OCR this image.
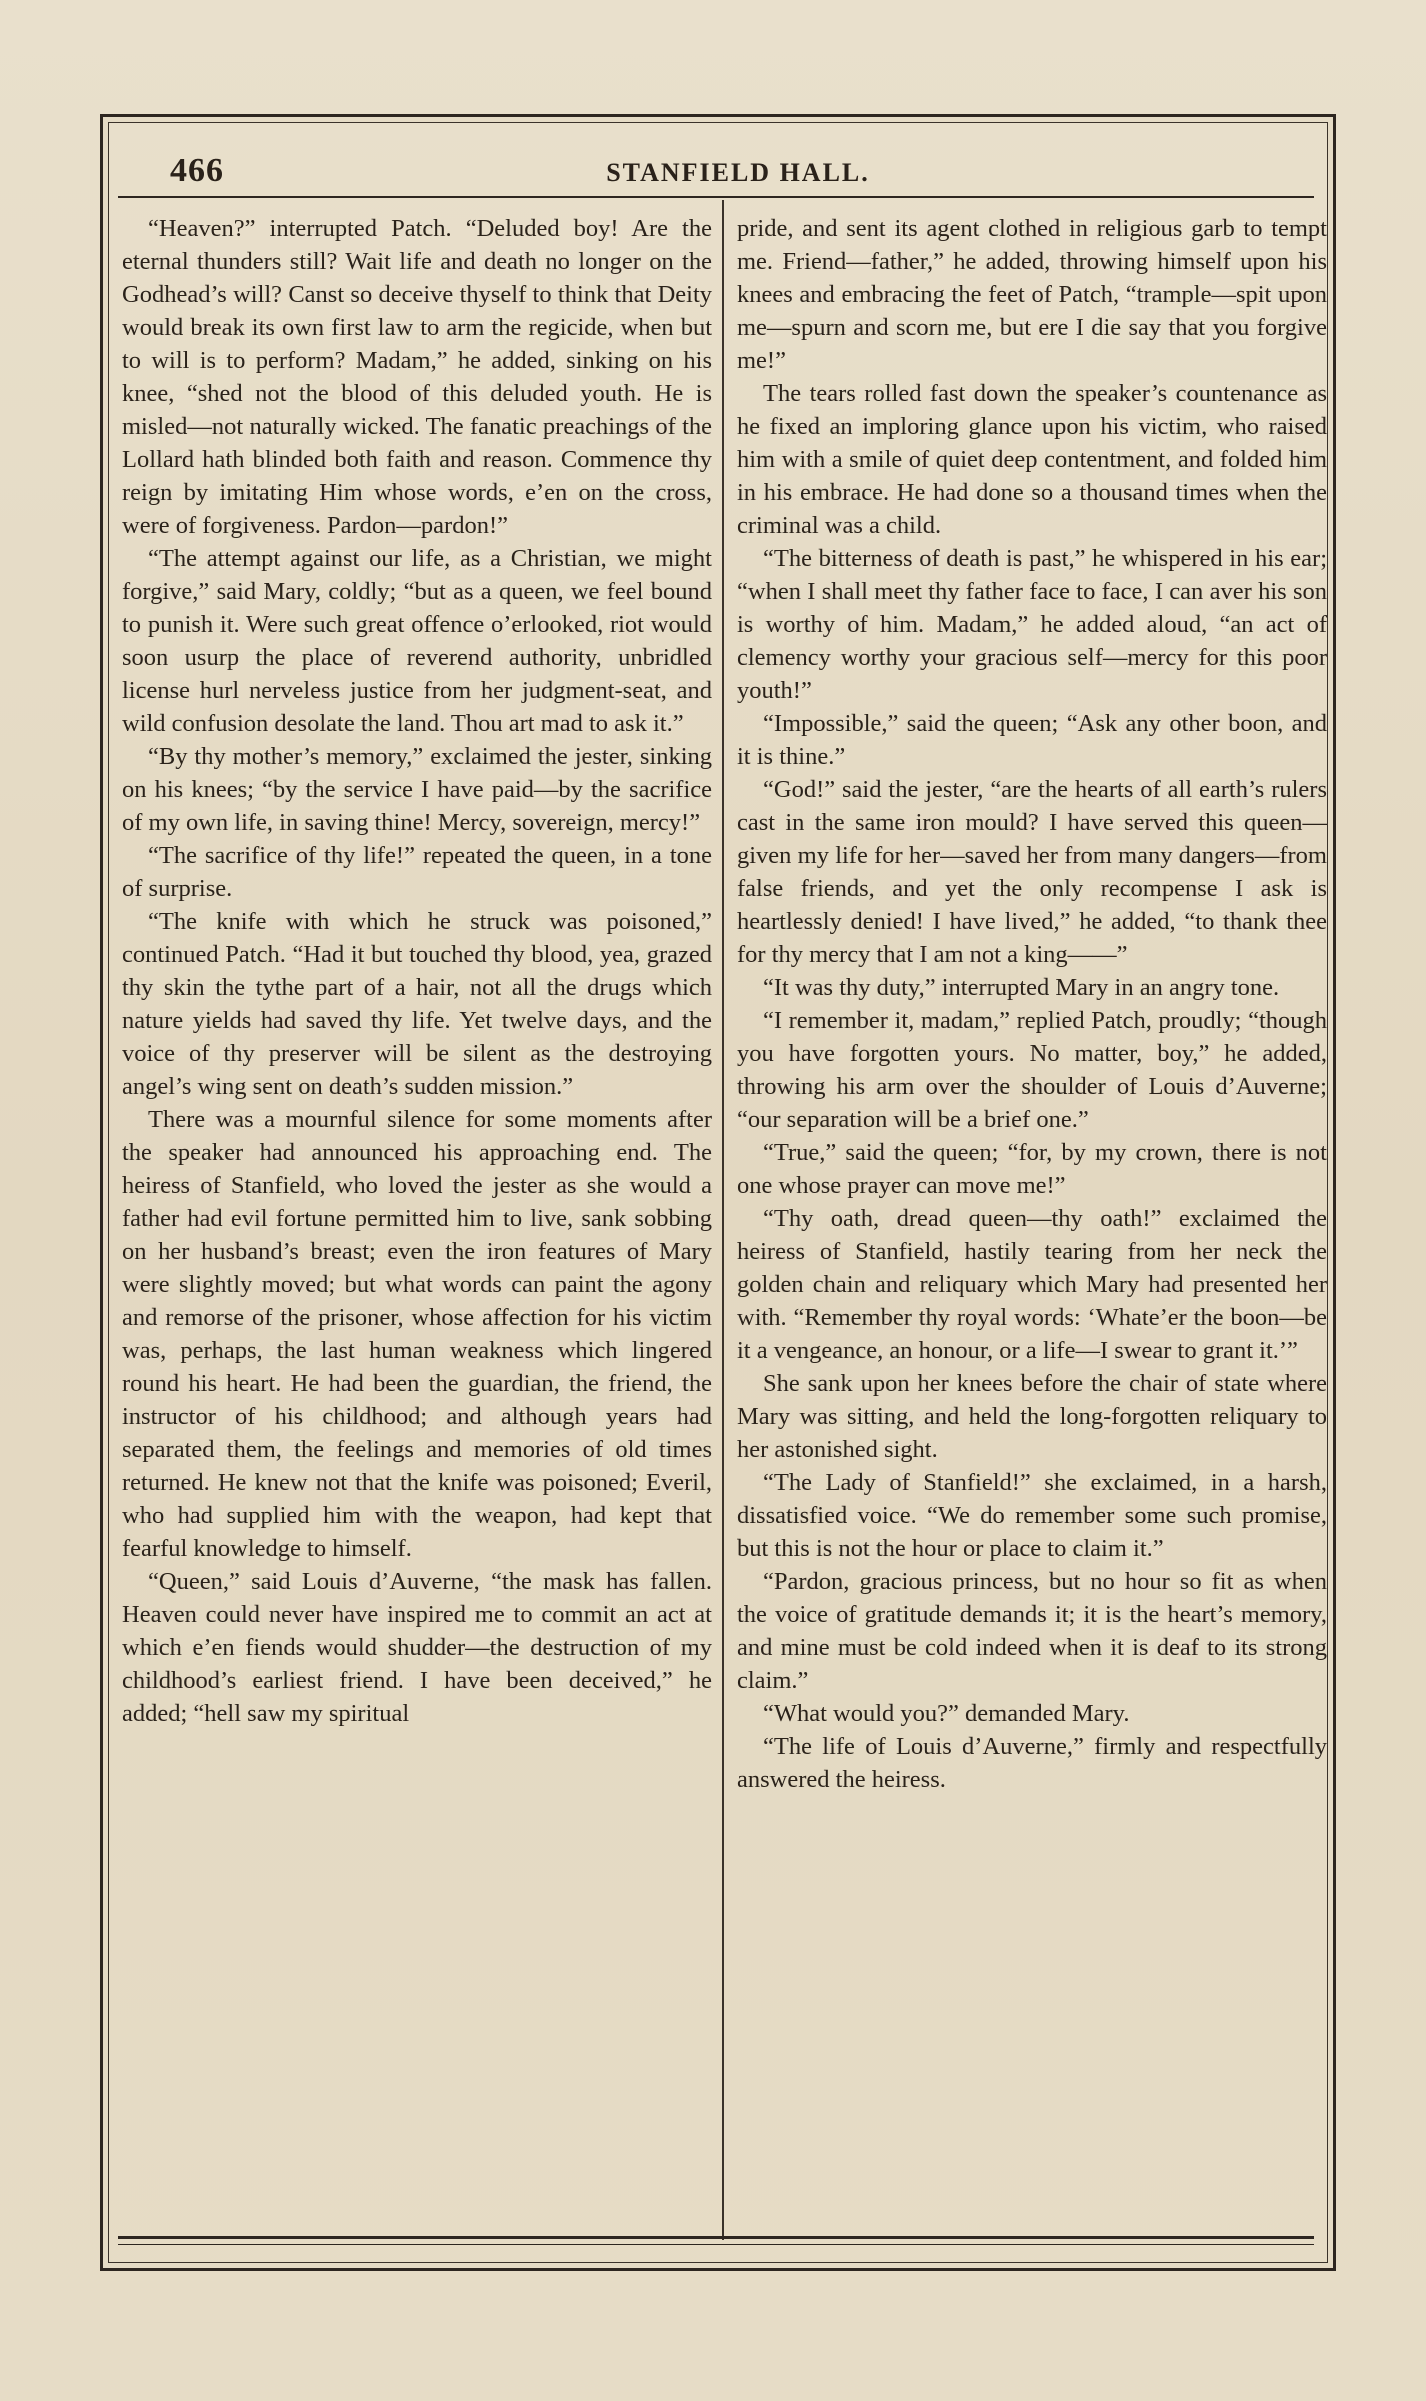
466	STANFIELD HALL.

“Heaven?” interrupted Patch. “Deluded boy! Are the eternal thunders still? Wait life and death no longer on the Godhead’s will? Canst so deceive thyself to think that Deity would break its own first law to arm the regicide, when but to will is to perform? Madam,” he added, sinking on his knee, “shed not the blood of this deluded youth. He is misled—not naturally wicked. The fanatic preachings of the Lollard hath blinded both faith and reason. Commence thy reign by imitating Him whose words, e’en on the cross, were of forgiveness. Pardon—pardon!”

“The attempt against our life, as a Christian, we might forgive,” said Mary, coldly; “but as a queen, we feel bound to punish it. Were such great offence o’erlooked, riot would soon usurp the place of reverend authority, unbridled license hurl nerveless justice from her judgment-seat, and wild confusion desolate the land. Thou art mad to ask it.”

“By thy mother’s memory,” exclaimed the jester, sinking on his knees; “by the service I have paid—by the sacrifice of my own life, in saving thine! Mercy, sovereign, mercy!”

“The sacrifice of thy life!” repeated the queen, in a tone of surprise.

“The knife with which he struck was poisoned,” continued Patch. “Had it but touched thy blood, yea, grazed thy skin the tythe part of a hair, not all the drugs which nature yields had saved thy life. Yet twelve days, and the voice of thy preserver will be silent as the destroying angel’s wing sent on death’s sudden mission.”

There was a mournful silence for some moments after the speaker had announced his approaching end. The heiress of Stanfield, who loved the jester as she would a father had evil fortune permitted him to live, sank sobbing on her husband’s breast; even the iron features of Mary were slightly moved; but what words can paint the agony and remorse of the prisoner, whose affection for his victim was, perhaps, the last human weakness which lingered round his heart. He had been the guardian, the friend, the instructor of his childhood; and although years had separated them, the feelings and memories of old times returned. He knew not that the knife was poisoned; Everil, who had supplied him with the weapon, had kept that fearful knowledge to himself.

“Queen,” said Louis d’Auverne, “the mask has fallen. Heaven could never have inspired me to commit an act at which e’en fiends would shudder—the destruction of my childhood’s earliest friend. I have been deceived,” he added; “hell saw my spiritual

pride, and sent its agent clothed in religious garb to tempt me. Friend—father,” he added, throwing himself upon his knees and embracing the feet of Patch, “trample—spit upon me—spurn and scorn me, but ere I die say that you forgive me!”

The tears rolled fast down the speaker’s countenance as he fixed an imploring glance upon his victim, who raised him with a smile of quiet deep contentment, and folded him in his embrace. He had done so a thousand times when the criminal was a child.

“The bitterness of death is past,” he whispered in his ear; “when I shall meet thy father face to face, I can aver his son is worthy of him. Madam,” he added aloud, “an act of clemency worthy your gracious self—mercy for this poor youth!”

“Impossible,” said the queen; “Ask any other boon, and it is thine.”

“God!” said the jester, “are the hearts of all earth’s rulers cast in the same iron mould? I have served this queen—given my life for her—saved her from many dangers—from false friends, and yet the only recompense I ask is heartlessly denied! I have lived,” he added, “to thank thee for thy mercy that I am not a king——”

“It was thy duty,” interrupted Mary in an angry tone.

“I remember it, madam,” replied Patch, proudly; “though you have forgotten yours. No matter, boy,” he added, throwing his arm over the shoulder of Louis d’Auverne; “our separation will be a brief one.”

“True,” said the queen; “for, by my crown, there is not one whose prayer can move me!”

“Thy oath, dread queen—thy oath!” exclaimed the heiress of Stanfield, hastily tearing from her neck the golden chain and reliquary which Mary had presented her with. “Remember thy royal words: ‘Whate’er the boon—be it a vengeance, an honour, or a life—I swear to grant it.’”

She sank upon her knees before the chair of state where Mary was sitting, and held the long-forgotten reliquary to her astonished sight.

“The Lady of Stanfield!” she exclaimed, in a harsh, dissatisfied voice. “We do remember some such promise, but this is not the hour or place to claim it.”

“Pardon, gracious princess, but no hour so fit as when the voice of gratitude demands it; it is the heart’s memory, and mine must be cold indeed when it is deaf to its strong claim.”

“What would you?” demanded Mary.

“The life of Louis d’Auverne,” firmly and respectfully answered the heiress.
